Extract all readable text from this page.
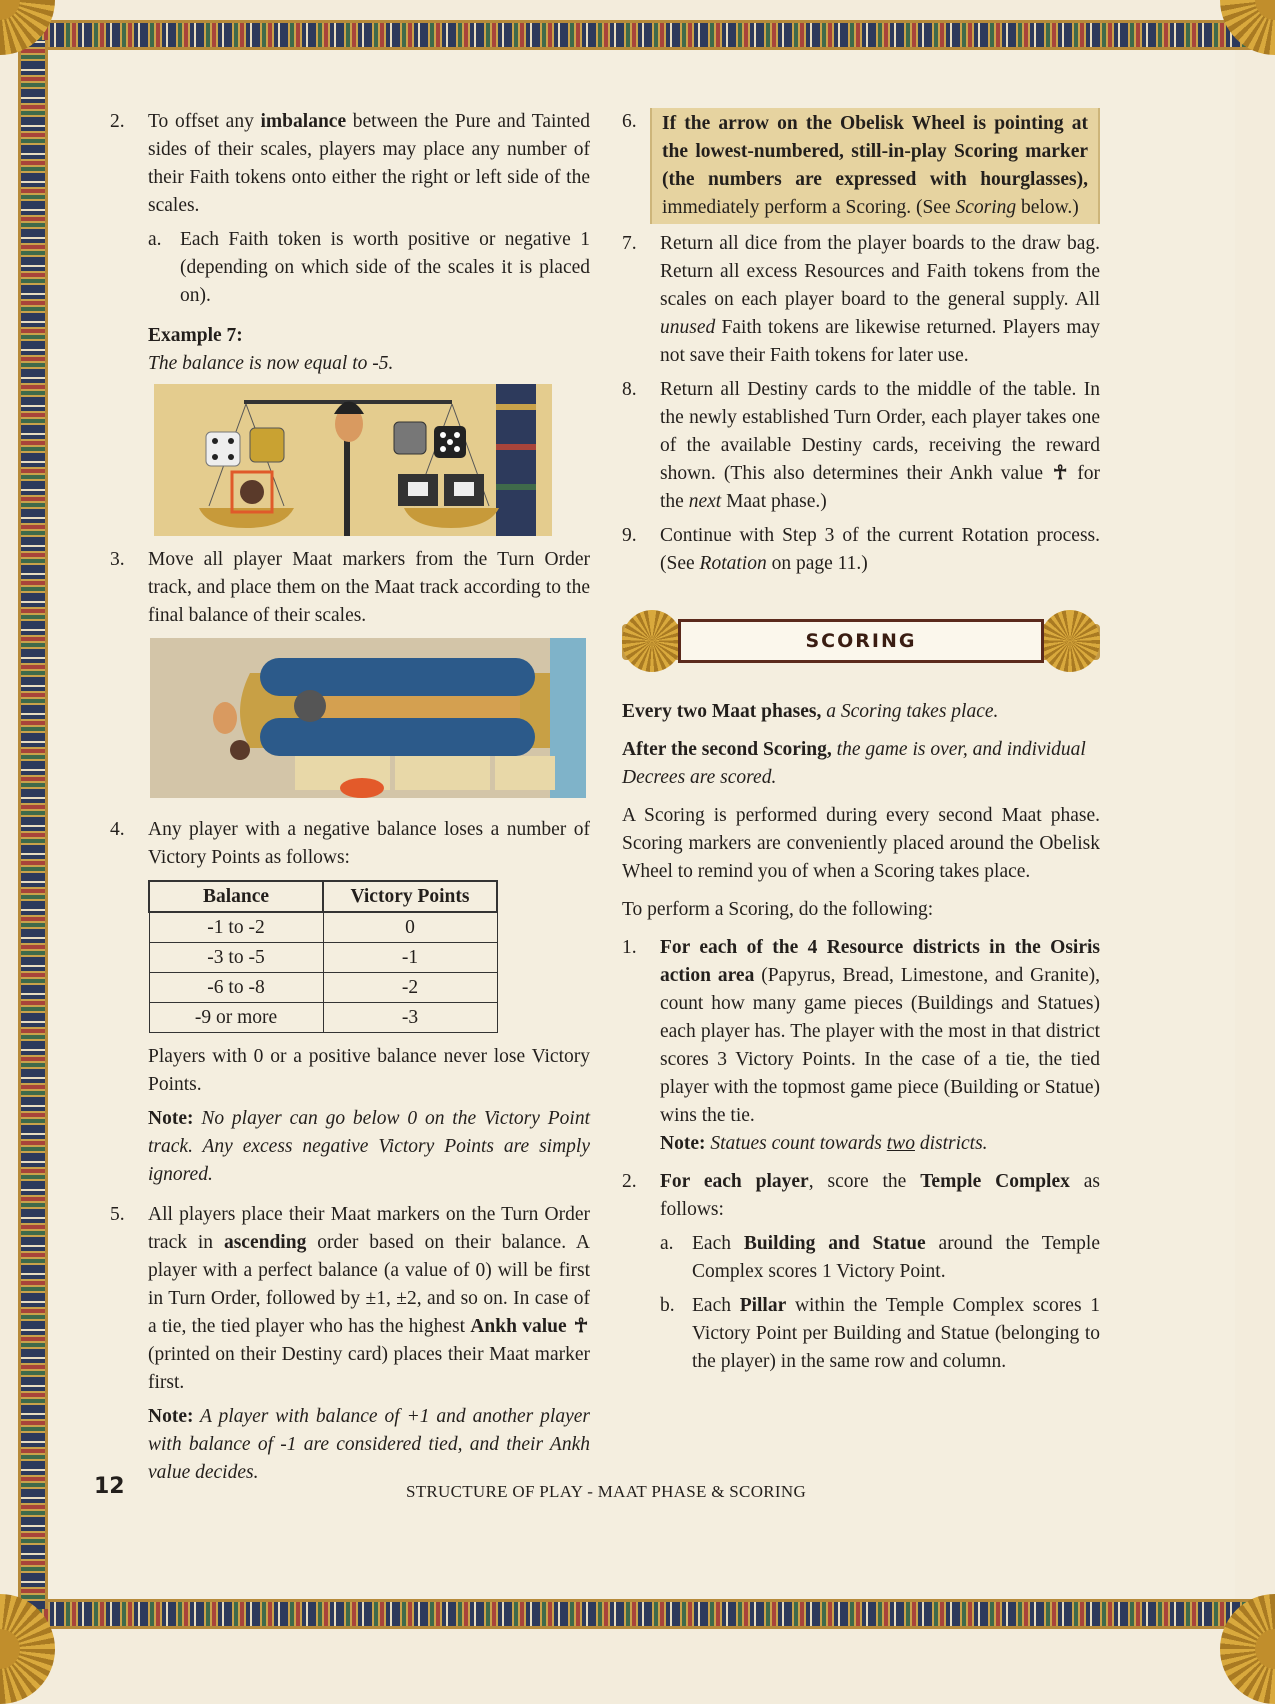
2. To offset any imbalance between the Pure and Tainted sides of their scales, players may place any number of their Faith tokens onto either the right or left side of the scales.
a. Each Faith token is worth positive or negative 1 (depending on which side of the scales it is placed on).

Example 7:

The balance is now equal to -5.

3. Move all player Maat markers from the Turn Order track, and place them on the Maat track according to the final balance of their scales.
4. Any player with a negative balance loses a number of Victory Points as follows:
Balance	Victory Points
-1 to -2	0
-3 to -5	-1
-6 to -8	-2
-9 or more	-3

Players with 0 or a positive balance never lose Victory Points.

Note: No player can go below 0 on the Victory Point track. Any excess negative Victory Points are simply ignored.

5. All players place their Maat markers on the Turn Order track in ascending order based on their balance. A player with a perfect balance (a value of 0) will be first in Turn Order, followed by ±1, ±2, and so on. In case of a tie, the tied player who has the highest Ankh value ☥ (printed on their Destiny card) places their Maat marker first.

Note: A player with balance of +1 and another player with balance of -1 are considered tied, and their Ankh value decides.

6.	If the arrow on the Obelisk Wheel is pointing at the lowest-numbered, still-in-play Scoring marker (the numbers are expressed with hourglasses), immediately perform a Scoring. (See Scoring below.)
7. Return all dice from the player boards to the draw bag. Return all excess Resources and Faith tokens from the scales on each player board to the general supply. All unused Faith tokens are likewise returned. Players may not save their Faith tokens for later use.
8. Return all Destiny cards to the middle of the table. In the newly established Turn Order, each player takes one of the available Destiny cards, receiving the reward shown. (This also determines their Ankh value ☥ for the next Maat phase.)
9. Continue with Step 3 of the current Rotation process. (See Rotation on page 11.)
SCORING

Every two Maat phases, a Scoring takes place.

After the second Scoring, the game is over, and individual Decrees are scored.

A Scoring is performed during every second Maat phase. Scoring markers are conveniently placed around the Obelisk Wheel to remind you of when a Scoring takes place.

To perform a Scoring, do the following:

1. For each of the 4 Resource districts in the Osiris action area (Papyrus, Bread, Limestone, and Granite), count how many game pieces (Buildings and Statues) each player has. The player with the most in that district scores 3 Victory Points. In the case of a tie, the tied player with the topmost game piece (Building or Statue) wins the tie.

Note: Statues count towards two districts.

2. For each player, score the Temple Complex as follows:
a. Each Building and Statue around the Temple Complex scores 1 Victory Point.
b. Each Pillar within the Temple Complex scores 1 Victory Point per Building and Statue (belonging to the player) in the same row and column.
12	STRUCTURE OF PLAY - MAAT PHASE & SCORING
